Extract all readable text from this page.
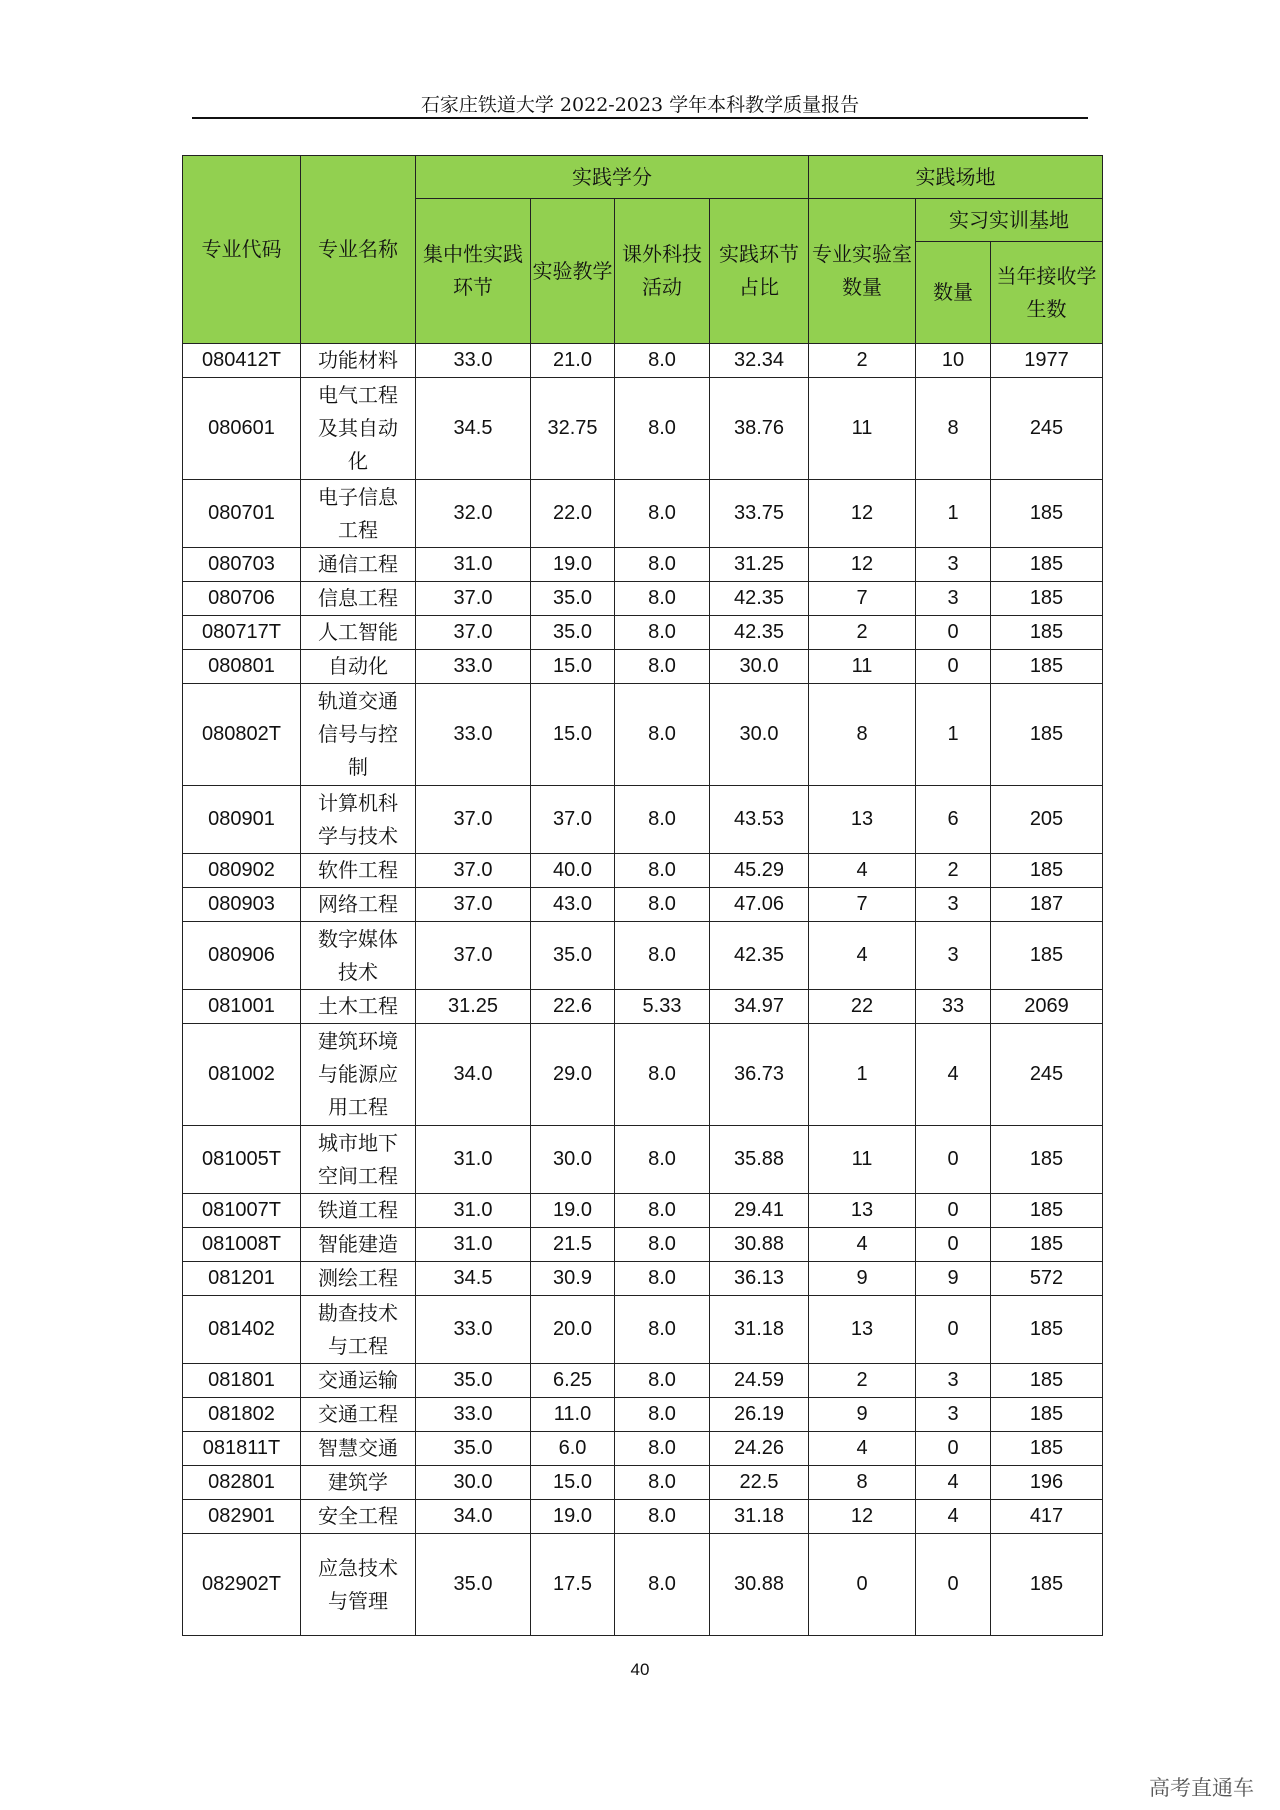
石家庄铁道大学 2022-2023 学年本科教学质量报告
专业代码	专业名称	实践学分				实践场地		
		集中性实践环节	实验教学	课外科技活动	实践环节占比	专业实验室数量	实习实训基地	
							数量	当年接收学生数
080412T	功能材料	33.0	21.0	8.0	32.34	2	10	1977
080601	电气工程及其自动化	34.5	32.75	8.0	38.76	11	8	245
080701	电子信息工程	32.0	22.0	8.0	33.75	12	1	185
080703	通信工程	31.0	19.0	8.0	31.25	12	3	185
080706	信息工程	37.0	35.0	8.0	42.35	7	3	185
080717T	人工智能	37.0	35.0	8.0	42.35	2	0	185
080801	自动化	33.0	15.0	8.0	30.0	11	0	185
080802T	轨道交通信号与控制	33.0	15.0	8.0	30.0	8	1	185
080901	计算机科学与技术	37.0	37.0	8.0	43.53	13	6	205
080902	软件工程	37.0	40.0	8.0	45.29	4	2	185
080903	网络工程	37.0	43.0	8.0	47.06	7	3	187
080906	数字媒体技术	37.0	35.0	8.0	42.35	4	3	185
081001	土木工程	31.25	22.6	5.33	34.97	22	33	2069
081002	建筑环境与能源应用工程	34.0	29.0	8.0	36.73	1	4	245
081005T	城市地下空间工程	31.0	30.0	8.0	35.88	11	0	185
081007T	铁道工程	31.0	19.0	8.0	29.41	13	0	185
081008T	智能建造	31.0	21.5	8.0	30.88	4	0	185
081201	测绘工程	34.5	30.9	8.0	36.13	9	9	572
081402	勘查技术与工程	33.0	20.0	8.0	31.18	13	0	185
081801	交通运输	35.0	6.25	8.0	24.59	2	3	185
081802	交通工程	33.0	11.0	8.0	26.19	9	3	185
081811T	智慧交通	35.0	6.0	8.0	24.26	4	0	185
082801	建筑学	30.0	15.0	8.0	22.5	8	4	196
082901	安全工程	34.0	19.0	8.0	31.18	12	4	417
082902T	应急技术与管理	35.0	17.5	8.0	30.88	0	0	185
40
高考直通车
